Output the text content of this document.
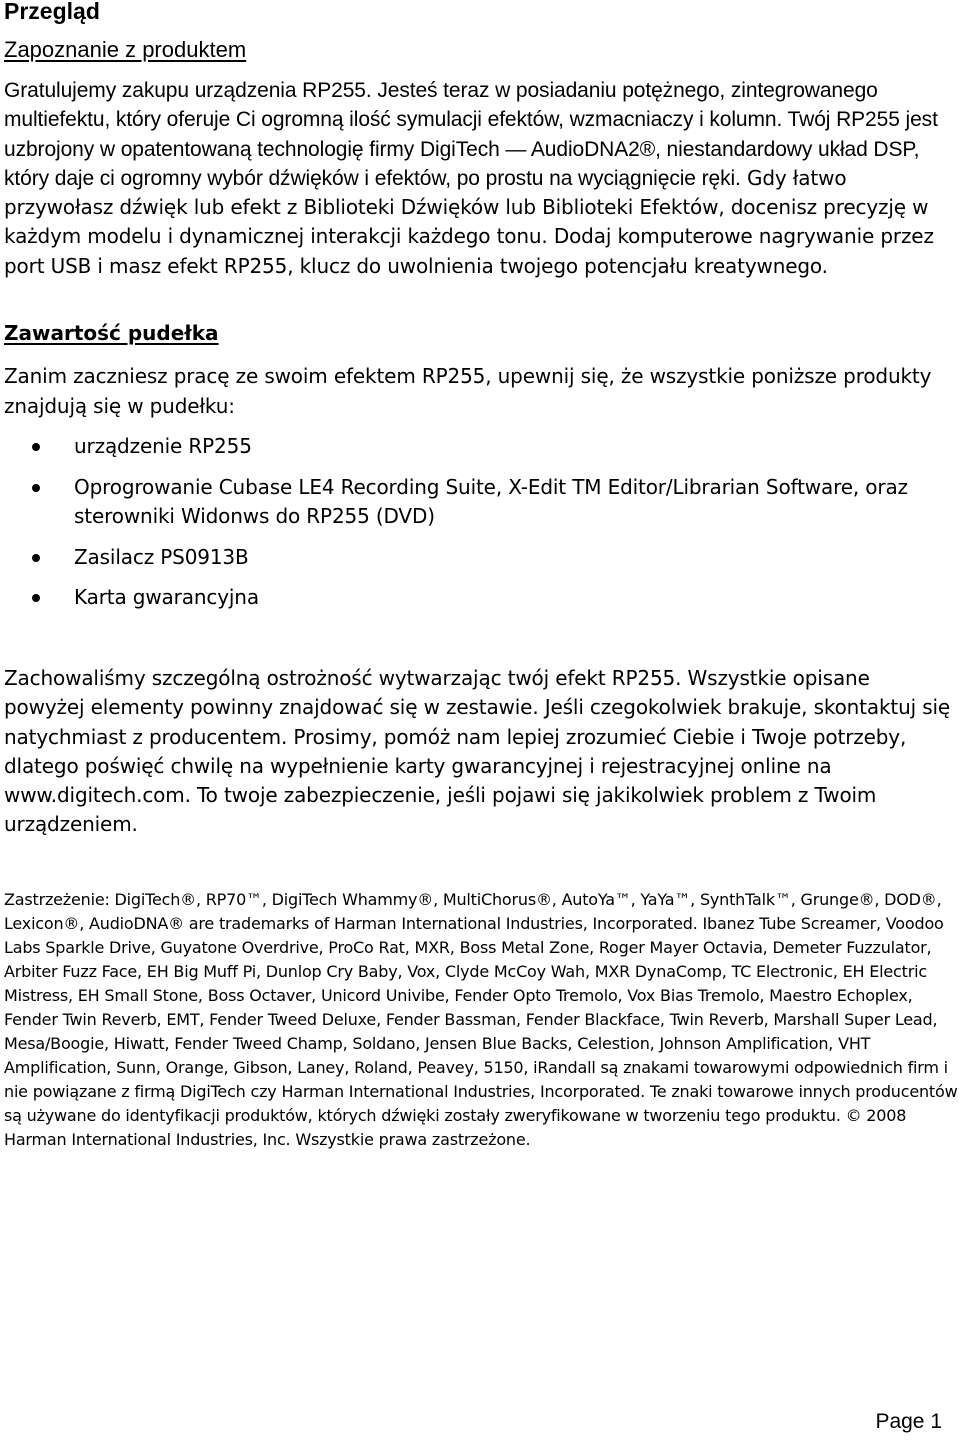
Przegląd
Zapoznanie z produktem

Gratulujemy zakupu urządzenia RP255. Jesteś teraz w posiadaniu potężnego, zintegrowanego multiefektu, który oferuje Ci ogromną ilość symulacji efektów, wzmacniaczy i kolumn. Twój RP255 jest uzbrojony w opatentowaną technologię firmy DigiTech — AudioDNA2®, niestandardowy układ DSP, który daje ci ogromny wybór dźwięków i efektów, po prostu na wyciągnięcie ręki. Gdy łatwo przywołasz dźwięk lub efekt z Biblioteki Dźwięków lub Biblioteki Efektów, docenisz precyzję w każdym modelu i dynamicznej interakcji każdego tonu. Dodaj komputerowe nagrywanie przez port USB i masz efekt RP255, klucz do uwolnienia twojego potencjału kreatywnego.

Zawartość pudełka

Zanim zaczniesz pracę ze swoim efektem RP255, upewnij się, że wszystkie poniższe produkty znajdują się w pudełku:

urządzenie RP255
Oprogrowanie Cubase LE4 Recording Suite, X-Edit TM Editor/Librarian Software, oraz sterowniki Widonws do RP255 (DVD)
Zasilacz PS0913B
Karta gwarancyjna

Zachowaliśmy szczególną ostrożność wytwarzając twój efekt RP255. Wszystkie opisane powyżej elementy powinny znajdować się w zestawie. Jeśli czegokolwiek brakuje, skontaktuj się natychmiast z producentem. Prosimy, pomóż nam lepiej zrozumieć Ciebie i Twoje potrzeby, dlatego poświęć chwilę na wypełnienie karty gwarancyjnej i rejestracyjnej online na www.digitech.com. To twoje zabezpieczenie, jeśli pojawi się jakikolwiek problem z Twoim urządzeniem.

Zastrzeżenie: DigiTech®, RP70™, DigiTech Whammy®, MultiChorus®, AutoYa™, YaYa™, SynthTalk™, Grunge®, DOD®, Lexicon®, AudioDNA® are trademarks of Harman International Industries, Incorporated. Ibanez Tube Screamer, Voodoo Labs Sparkle Drive, Guyatone Overdrive, ProCo Rat, MXR, Boss Metal Zone, Roger Mayer Octavia, Demeter Fuzzulator, Arbiter Fuzz Face, EH Big Muff Pi, Dunlop Cry Baby, Vox, Clyde McCoy Wah, MXR DynaComp, TC Electronic, EH Electric Mistress, EH Small Stone, Boss Octaver, Unicord Univibe, Fender Opto Tremolo, Vox Bias Tremolo, Maestro Echoplex, Fender Twin Reverb, EMT, Fender Tweed Deluxe, Fender Bassman, Fender Blackface, Twin Reverb, Marshall Super Lead, Mesa/Boogie, Hiwatt, Fender Tweed Champ, Soldano, Jensen Blue Backs, Celestion, Johnson Amplification, VHT Amplification, Sunn, Orange, Gibson, Laney, Roland, Peavey, 5150, iRandall są znakami towarowymi odpowiednich firm i nie powiązane z firmą DigiTech czy Harman International Industries, Incorporated. Te znaki towarowe innych producentów są używane do identyfikacji produktów, których dźwięki zostały zweryfikowane w tworzeniu tego produktu. © 2008 Harman International Industries, Inc. Wszystkie prawa zastrzeżone.

Page 1
